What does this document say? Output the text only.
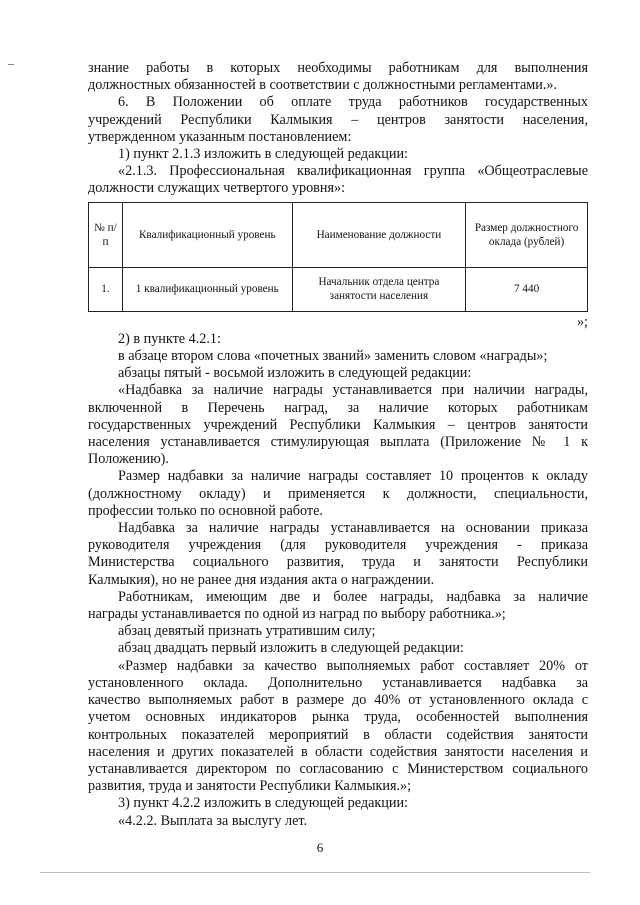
знание работы в которых необходимы работникам для выполнения
должностных обязанностей в соответствии с должностными регламентами.».
6. В Положении об оплате труда работников государственных
учреждений Республики Калмыкия – центров занятости населения,
утвержденном указанным постановлением:
1) пункт 2.1.3 изложить в следующей редакции:
«2.1.3. Профессиональная квалификационная группа «Общеотраслевые
должности служащих четвертого уровня»:
№ п/п	Квалификационный уровень	Наименование должности	Размер должностного оклада (рублей)
1.	1 квалификационный уровень	Начальник отдела центра занятости населения	7 440
»;
2) в пункте 4.2.1:
в абзаце втором слова «почетных званий» заменить словом «награды»;
абзацы пятый - восьмой изложить в следующей редакции:
«Надбавка за наличие награды устанавливается при наличии награды,
включенной в Перечень наград, за наличие которых работникам
государственных учреждений Республики Калмыкия – центров занятости
населения устанавливается стимулирующая выплата (Приложение № 1 к
Положению).
Размер надбавки за наличие награды составляет 10 процентов к окладу
(должностному окладу) и применяется к должности, специальности,
профессии только по основной работе.
Надбавка за наличие награды устанавливается на основании приказа
руководителя учреждения (для руководителя учреждения - приказа
Министерства социального развития, труда и занятости Республики
Калмыкия), но не ранее дня издания акта о награждении.
Работникам, имеющим две и более награды, надбавка за наличие
награды устанавливается по одной из наград по выбору работника.»;
абзац девятый признать утратившим силу;
абзац двадцать первый изложить в следующей редакции:
«Размер надбавки за качество выполняемых работ составляет 20% от
установленного оклада. Дополнительно устанавливается надбавка за
качество выполняемых работ в размере до 40% от установленного оклада с
учетом основных индикаторов рынка труда, особенностей выполнения
контрольных показателей мероприятий в области содействия занятости
населения и других показателей в области содействия занятости населения и
устанавливается директором по согласованию с Министерством социального
развития, труда и занятости Республики Калмыкия.»;
3) пункт 4.2.2 изложить в следующей редакции:
«4.2.2. Выплата за выслугу лет.
6
